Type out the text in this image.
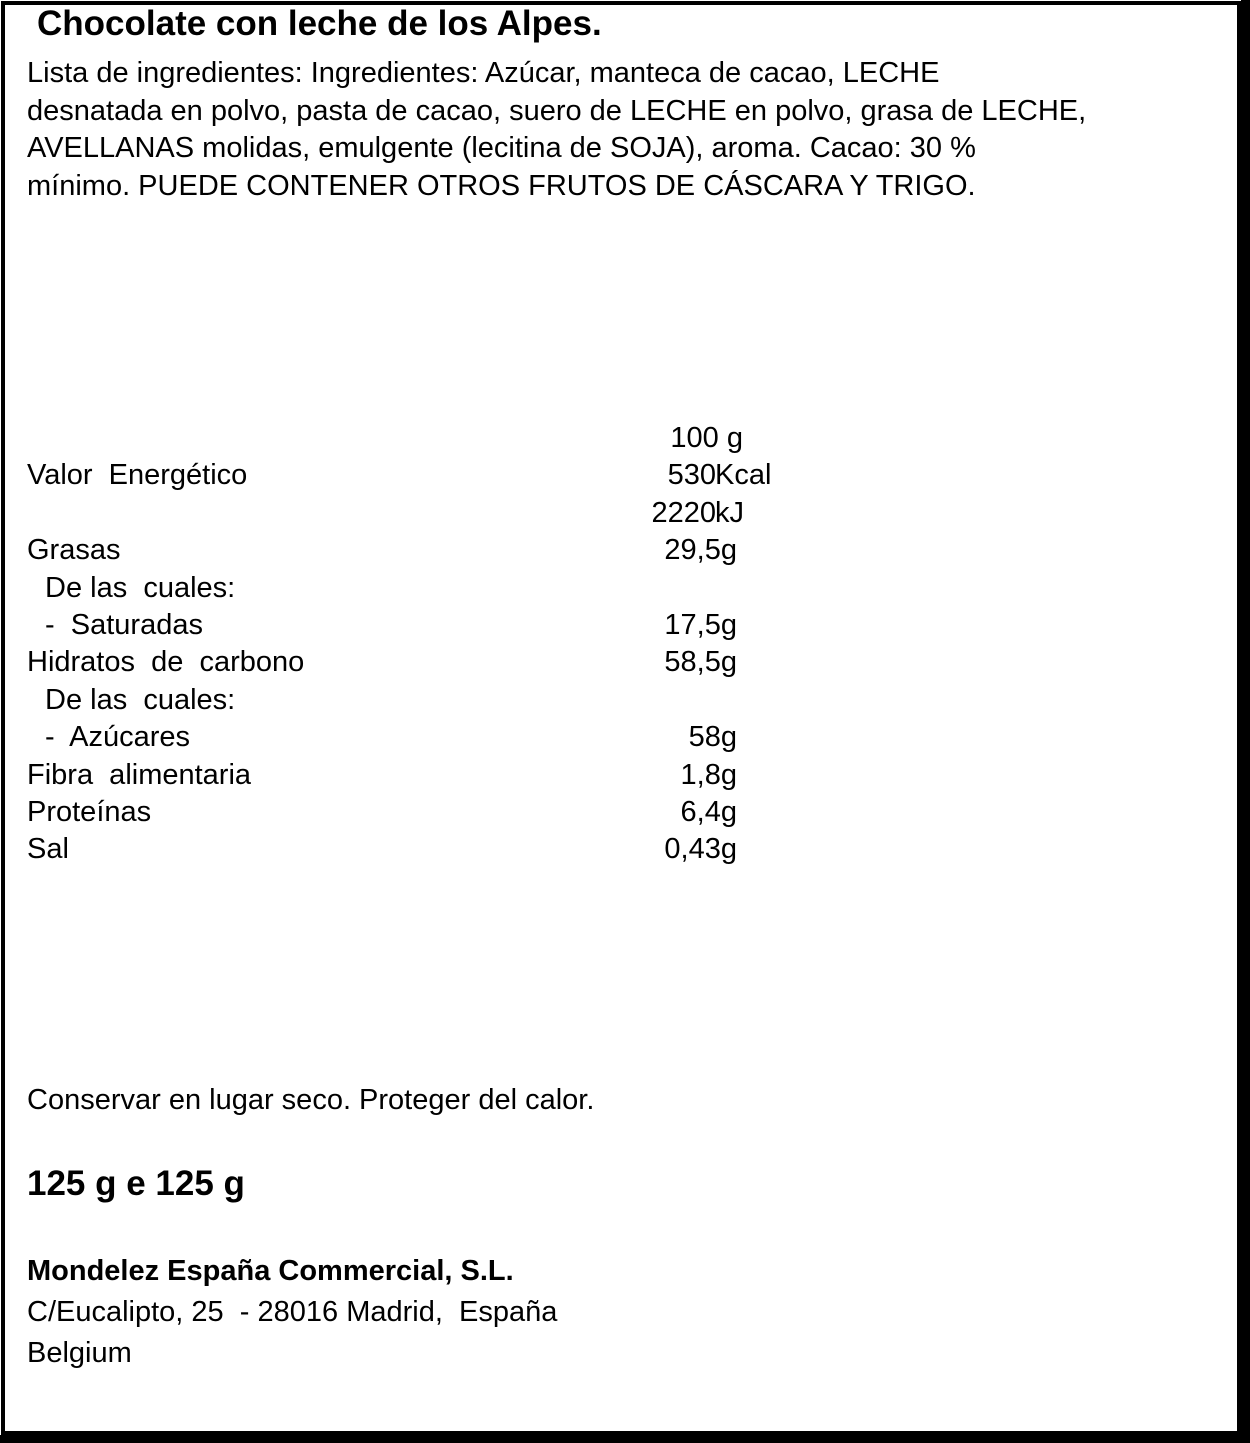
Chocolate con leche de los Alpes.
Lista de ingredientes: Ingredientes: Azúcar, manteca de cacao, LECHE
desnatada en polvo, pasta de cacao, suero de LECHE en polvo, grasa de LECHE,
AVELLANAS molidas, emulgente (lecitina de SOJA), aroma. Cacao: 30 %
mínimo. PUEDE CONTENER OTROS FRUTOS DE CÁSCARA Y TRIGO.
100 g
Valor  Energético	530 Kcal
2220 kJ
Grasas	29,5g
De las  cuales:
-  Saturadas	17,5g
Hidratos  de  carbono	58,5g
De las  cuales:
-  Azúcares	58g
Fibra  alimentaria	1,8g
Proteínas	6,4g
Sal	0,43g
Conservar en lugar seco. Proteger del calor.
125 g e 125 g
Mondelez España Commercial, S.L.
C/Eucalipto, 25  - 28016 Madrid,  España
Belgium
